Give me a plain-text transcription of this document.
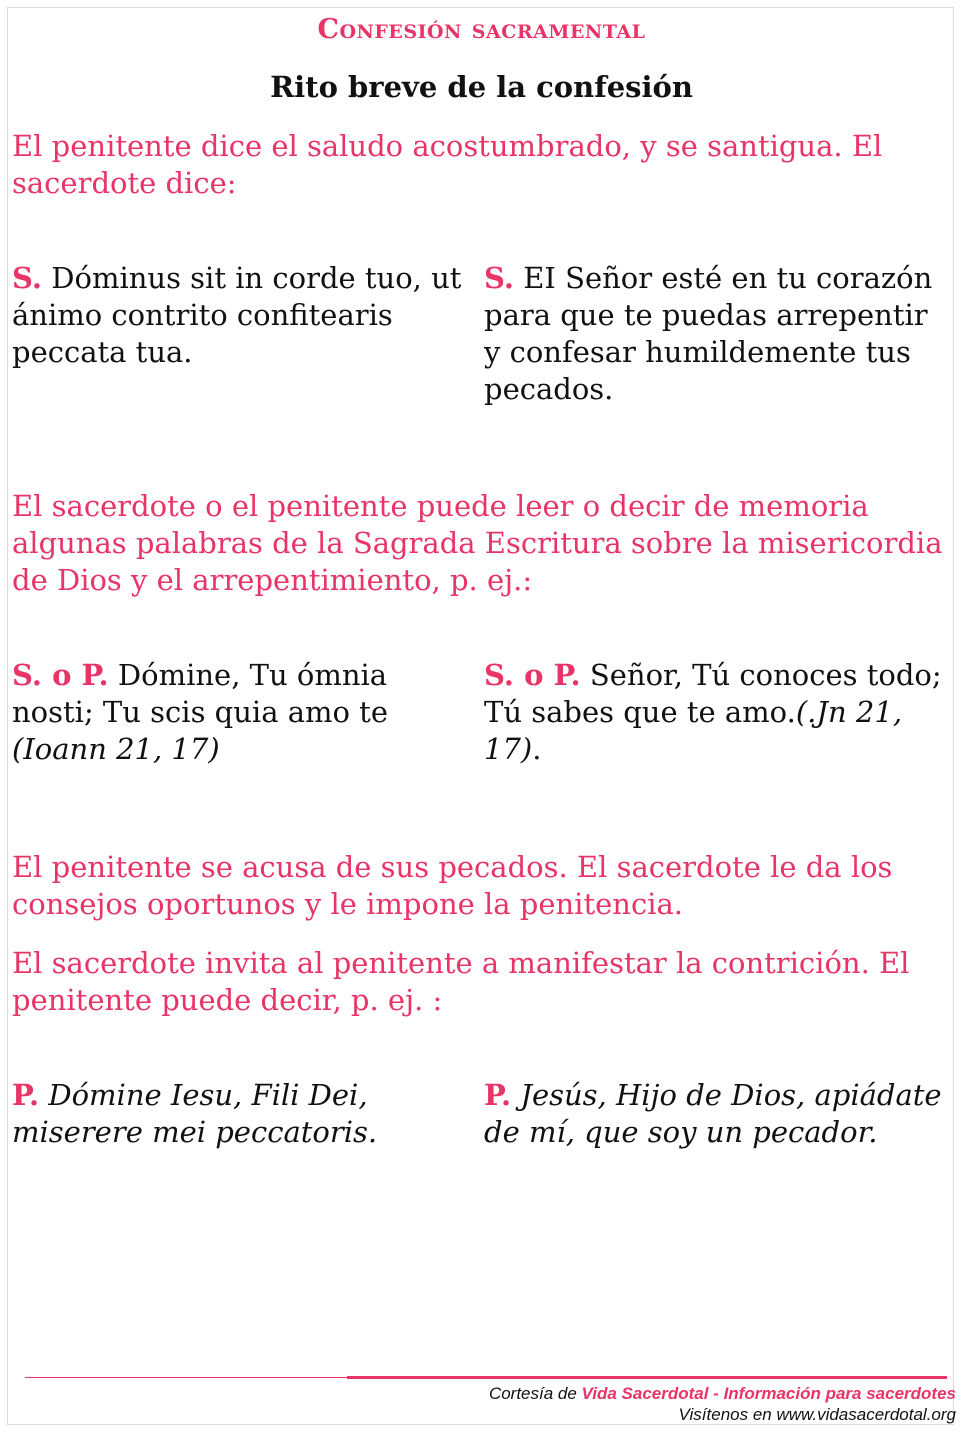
Confesión sacramental
Rito breve de la confesión
El penitente dice el saludo acostumbrado, y se santigua. El sacerdote dice:
S. Dóminus sit in corde tuo, ut ánimo contrito confitearis peccata tua.
S. EI Señor esté en tu corazón para que te puedas arrepentir y confesar humildemente tus pecados.
El sacerdote o el penitente puede leer o decir de memoria algunas palabras de la Sagrada Escritura sobre la misericordia de Dios y el arrepentimiento, p. ej.:
S. o P. Dómine, Tu ómnia nosti; Tu scis quia amo te (Ioann 21, 17)
S. o P. Señor, Tú conoces todo; Tú sabes que te amo.(.Jn 21, 17).
El penitente se acusa de sus pecados. El sacerdote le da los consejos oportunos y le impone la penitencia.
El sacerdote invita al penitente a manifestar la contrición. El penitente puede decir, p. ej. :
P. Dómine Iesu, Fili Dei, miserere mei peccatoris.
P. Jesús, Hijo de Dios, apiádate de mí, que soy un pecador.
Cortesía de Vida Sacerdotal - Información para sacerdotes
Visítenos en www.vidasacerdotal.org
